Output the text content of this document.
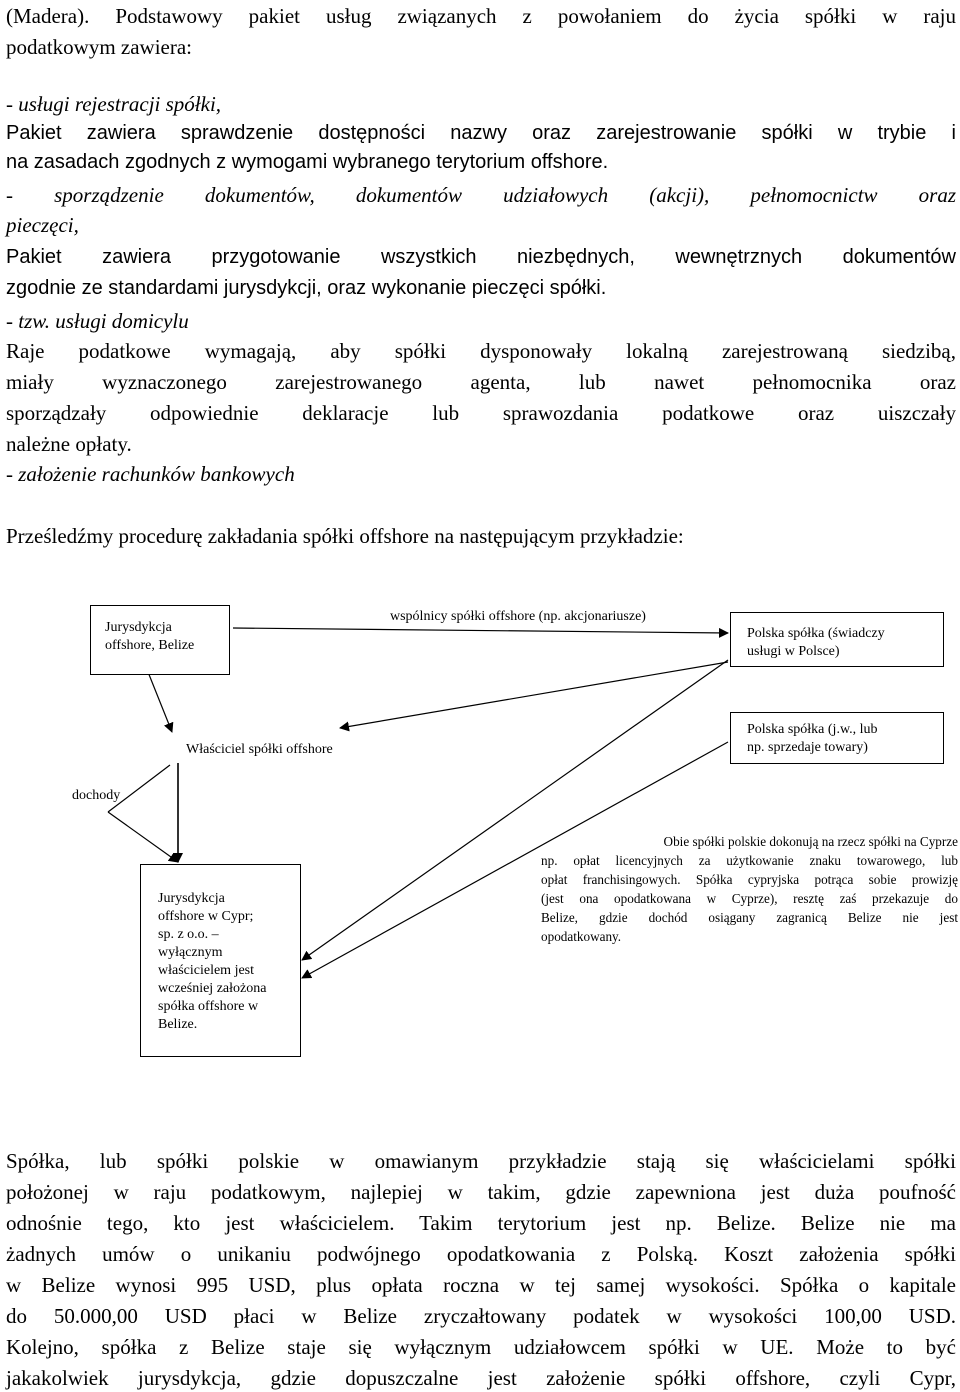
(Madera). Podstawowy pakiet usług związanych z powołaniem do życia spółki w raju
podatkowym zawiera:
- usługi rejestracji spółki,
Pakiet zawiera sprawdzenie dostępności nazwy oraz zarejestrowanie spółki w trybie i
na zasadach zgodnych z wymogami wybranego terytorium offshore.
- sporządzenie dokumentów, dokumentów udziałowych (akcji), pełnomocnictw oraz
pieczęci,
Pakiet zawiera przygotowanie wszystkich niezbędnych, wewnętrznych dokumentów
zgodnie ze standardami jurysdykcji, oraz wykonanie pieczęci spółki.
- tzw. usługi domicylu
Raje podatkowe wymagają, aby spółki dysponowały lokalną zarejestrowaną siedzibą,
miały wyznaczonego zarejestrowanego agenta, lub nawet pełnomocnika oraz
sporządzały odpowiednie deklaracje lub sprawozdania podatkowe oraz uiszczały
należne opłaty.
- założenie rachunków bankowych
Prześledźmy procedurę zakładania spółki offshore na następującym przykładzie:
Jurysdykcja
offshore, Belize
wspólnicy spółki offshore (np. akcjonariusze)
Polska spółka (świadczy
usługi w Polsce)
Polska spółka (j.w., lub
np. sprzedaje towary)
Właściciel spółki offshore
dochody
Jurysdykcja
offshore w Cypr;
sp. z o.o. –
wyłącznym
właścicielem jest
wcześniej założona
spółka offshore w
Belize.
Obie spółki polskie dokonują na rzecz spółki na Cyprze
np. opłat licencyjnych za użytkowanie znaku towarowego, lub
opłat franchisingowych. Spółka cypryjska potrąca sobie prowizję
(jest ona opodatkowana w Cyprze), resztę zaś przekazuje do
Belize, gdzie dochód osiągany zagranicą Belize nie jest
opodatkowany.
Spółka, lub spółki polskie w omawianym przykładzie stają się właścicielami spółki
położonej w raju podatkowym, najlepiej w takim, gdzie zapewniona jest duża poufność
odnośnie tego, kto jest właścicielem. Takim terytorium jest np. Belize. Belize nie ma
żadnych umów o unikaniu podwójnego opodatkowania z Polską. Koszt założenia spółki
w Belize wynosi 995 USD, plus opłata roczna w tej samej wysokości. Spółka o kapitale
do 50.000,00 USD płaci w Belize zryczałtowany podatek w wysokości 100,00 USD.
Kolejno, spółka z Belize staje się wyłącznym udziałowcem spółki w UE. Może to być
jakakolwiek jurysdykcja, gdzie dopuszczalne jest założenie spółki offshore, czyli Cypr,
